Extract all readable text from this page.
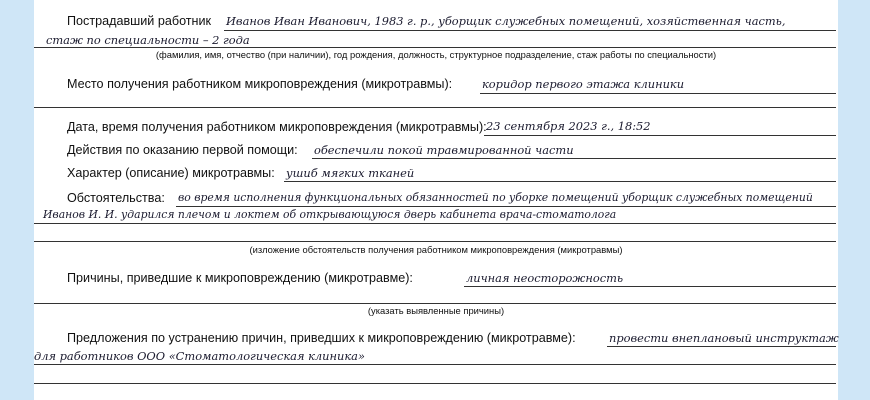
Пострадавший работник Иванов Иван Иванович, 1983 г. р., уборщик служебных помещений, хозяйственная часть,
стаж по специальности – 2 года
(фамилия, имя, отчество (при наличии), год рождения, должность, структурное подразделение, стаж работы по специальности)
Место получения работником микроповреждения (микротравмы):	коридор первого этажа клиники
Дата, время получения работником микроповреждения (микротравмы): 23 сентября 2023 г., 18:52
Действия по оказанию первой помощи: обеспечили покой травмированной части
Характер (описание) микротравмы: ушиб мягких тканей
Обстоятельства: во время исполнения функциональных обязанностей по уборке помещений уборщик служебных помещений
Иванов И. И. ударился плечом и локтем об открывающуюся дверь кабинета врача-стоматолога
(изложение обстоятельств получения работником микроповреждения (микротравмы)
Причины, приведшие к микроповреждению (микротравме):	личная неосторожность
(указать выявленные причины)
Предложения по устранению причин, приведших к микроповреждению (микротравме):	провести внеплановый инструктаж
для работников ООО «Стоматологическая клиника»
